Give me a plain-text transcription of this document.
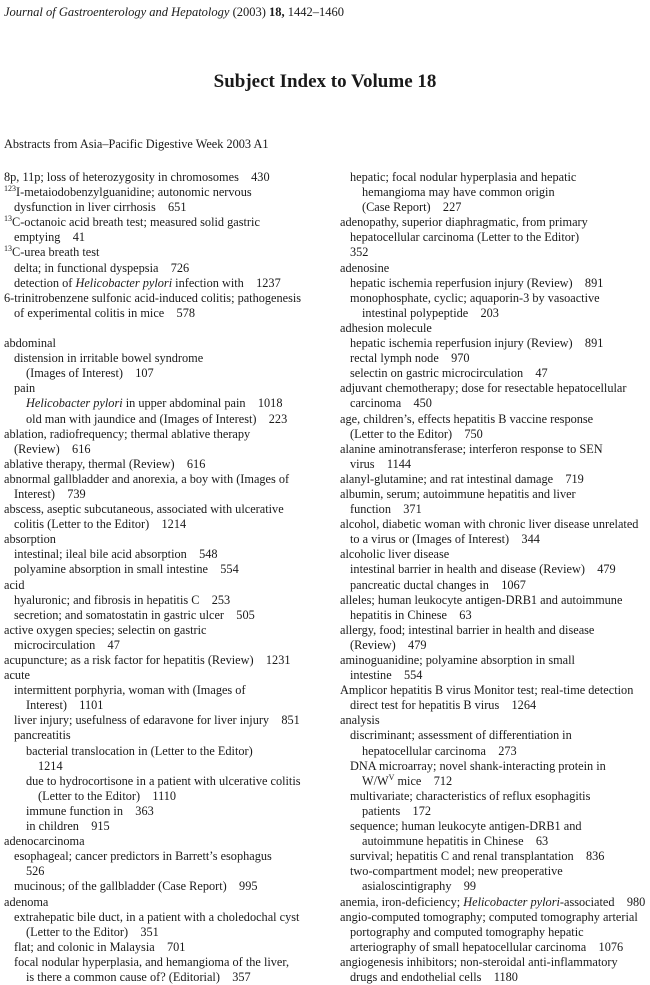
Journal of Gastroenterology and Hepatology (2003) 18, 1442–1460
Subject Index to Volume 18
Abstracts from Asia–Pacific Digestive Week 2003 A1
8p, 11p; loss of heterozygosity in chromosomes    430
$^{123}$I-metaiodobenzylguanidine; autonomic nervous
dysfunction in liver cirrhosis    651
$^{13}$C-octanoic acid breath test; measured solid gastric
emptying    41
$^{13}$C-urea breath test
delta; in functional dyspepsia    726
detection of Helicobacter pylori infection with    1237
6-trinitrobenzene sulfonic acid-induced colitis; pathogenesis
of experimental colitis in mice    578
abdominal
distension in irritable bowel syndrome
(Images of Interest)    107
pain
Helicobacter pylori in upper abdominal pain    1018
old man with jaundice and (Images of Interest)    223
ablation, radiofrequency; thermal ablative therapy
(Review)    616
ablative therapy, thermal (Review)    616
abnormal gallbladder and anorexia, a boy with (Images of
Interest)    739
abscess, aseptic subcutaneous, associated with ulcerative
colitis (Letter to the Editor)    1214
absorption
intestinal; ileal bile acid absorption    548
polyamine absorption in small intestine    554
acid
hyaluronic; and fibrosis in hepatitis C    253
secretion; and somatostatin in gastric ulcer    505
active oxygen species; selectin on gastric
microcirculation    47
acupuncture; as a risk factor for hepatitis (Review)    1231
acute
intermittent porphyria, woman with (Images of
Interest)    1101
liver injury; usefulness of edaravone for liver injury    851
pancreatitis
bacterial translocation in (Letter to the Editor)
1214
due to hydrocortisone in a patient with ulcerative colitis
(Letter to the Editor)    1110
immune function in    363
in children    915
adenocarcinoma
esophageal; cancer predictors in Barrett’s esophagus
526
mucinous; of the gallbladder (Case Report)    995
adenoma
extrahepatic bile duct, in a patient with a choledochal cyst
(Letter to the Editor)    351
flat; and colonic in Malaysia    701
focal nodular hyperplasia, and hemangioma of the liver,
is there a common cause of? (Editorial)    357
hepatic; focal nodular hyperplasia and hepatic
hemangioma may have common origin
(Case Report)    227
adenopathy, superior diaphragmatic, from primary
hepatocellular carcinoma (Letter to the Editor)
352
adenosine
hepatic ischemia reperfusion injury (Review)    891
monophosphate, cyclic; aquaporin-3 by vasoactive
intestinal polypeptide    203
adhesion molecule
hepatic ischemia reperfusion injury (Review)    891
rectal lymph node    970
selectin on gastric microcirculation    47
adjuvant chemotherapy; dose for resectable hepatocellular
carcinoma    450
age, children’s, effects hepatitis B vaccine response
(Letter to the Editor)    750
alanine aminotransferase; interferon response to SEN
virus    1144
alanyl-glutamine; and rat intestinal damage    719
albumin, serum; autoimmune hepatitis and liver
function    371
alcohol, diabetic woman with chronic liver disease unrelated
to a virus or (Images of Interest)    344
alcoholic liver disease
intestinal barrier in health and disease (Review)    479
pancreatic ductal changes in    1067
alleles; human leukocyte antigen-DRB1 and autoimmune
hepatitis in Chinese    63
allergy, food; intestinal barrier in health and disease
(Review)    479
aminoguanidine; polyamine absorption in small
intestine    554
Amplicor hepatitis B virus Monitor test; real-time detection
direct test for hepatitis B virus    1264
analysis
discriminant; assessment of differentiation in
hepatocellular carcinoma    273
DNA microarray; novel shank-interacting protein in
$W/W^V$ mice    712
multivariate; characteristics of reflux esophagitis
patients    172
sequence; human leukocyte antigen-DRB1 and
autoimmune hepatitis in Chinese    63
survival; hepatitis C and renal transplantation    836
two-compartment model; new preoperative
asialoscintigraphy    99
anemia, iron-deficiency; Helicobacter pylori-associated    980
angio-computed tomography; computed tomography arterial
portography and computed tomography hepatic
arteriography of small hepatocellular carcinoma    1076
angiogenesis inhibitors; non-steroidal anti-inflammatory
drugs and endothelial cells    1180
